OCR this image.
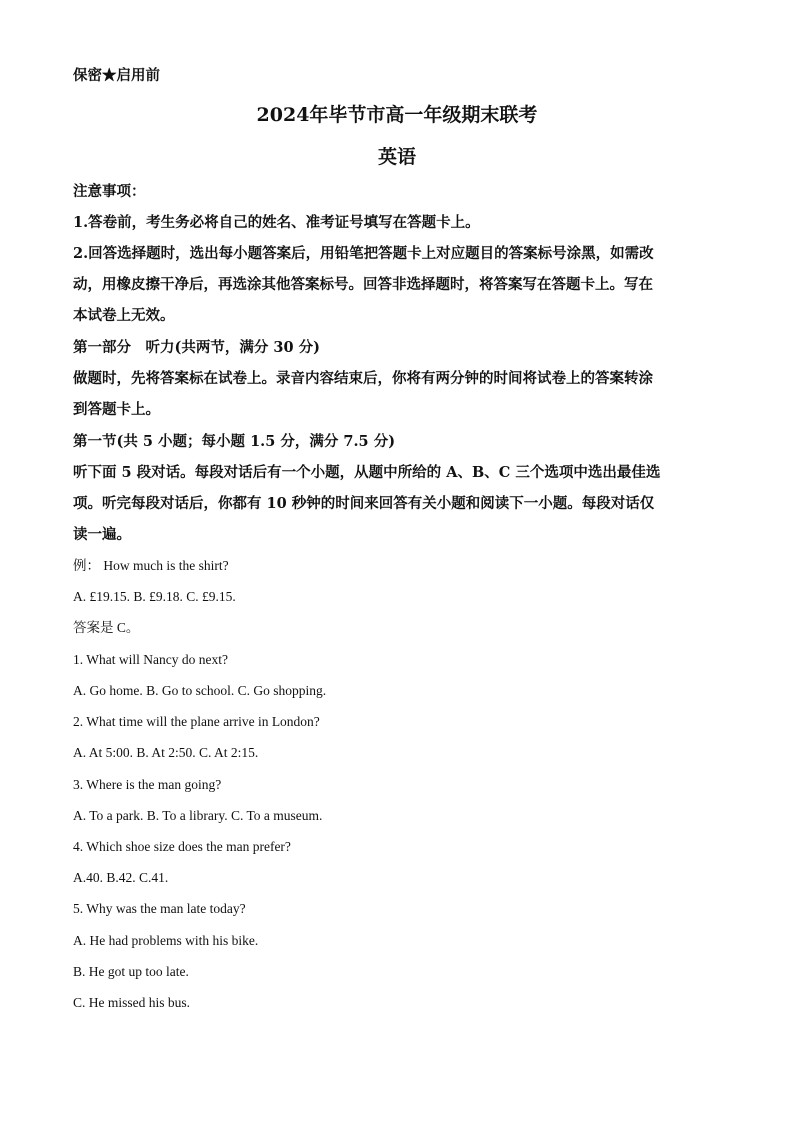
保密★启用前
2024年毕节市高一年级期末联考
英语
注意事项：
1.答卷前，考生务必将自己的姓名、准考证号填写在答题卡上。
2.回答选择题时，选出每小题答案后，用铅笔把答题卡上对应题目的答案标号涂黑，如需改
动，用橡皮擦干净后，再选涂其他答案标号。回答非选择题时，将答案写在答题卡上。写在
本试卷上无效。
第一部分　听力(共两节，满分 30 分)
做题时，先将答案标在试卷上。录音内容结束后，你将有两分钟的时间将试卷上的答案转涂
到答题卡上。
第一节(共 5 小题；每小题 1.5 分，满分 7.5 分)
听下面 5 段对话。每段对话后有一个小题，从题中所给的 A、B、C 三个选项中选出最佳选
项。听完每段对话后，你都有 10 秒钟的时间来回答有关小题和阅读下一小题。每段对话仅
读一遍。
例： How much is the shirt?
A. £19.15. B. £9.18. C. £9.15.
答案是 C。
1. What will Nancy do next?
A. Go home. B. Go to school. C. Go shopping.
2. What time will the plane arrive in London?
A. At 5:00. B. At 2:50. C. At 2:15.
3. Where is the man going?
A. To a park. B. To a library. C. To a museum.
4. Which shoe size does the man prefer?
A.40. B.42. C.41.
5. Why was the man late today?
A. He had problems with his bike.
B. He got up too late.
C. He missed his bus.
